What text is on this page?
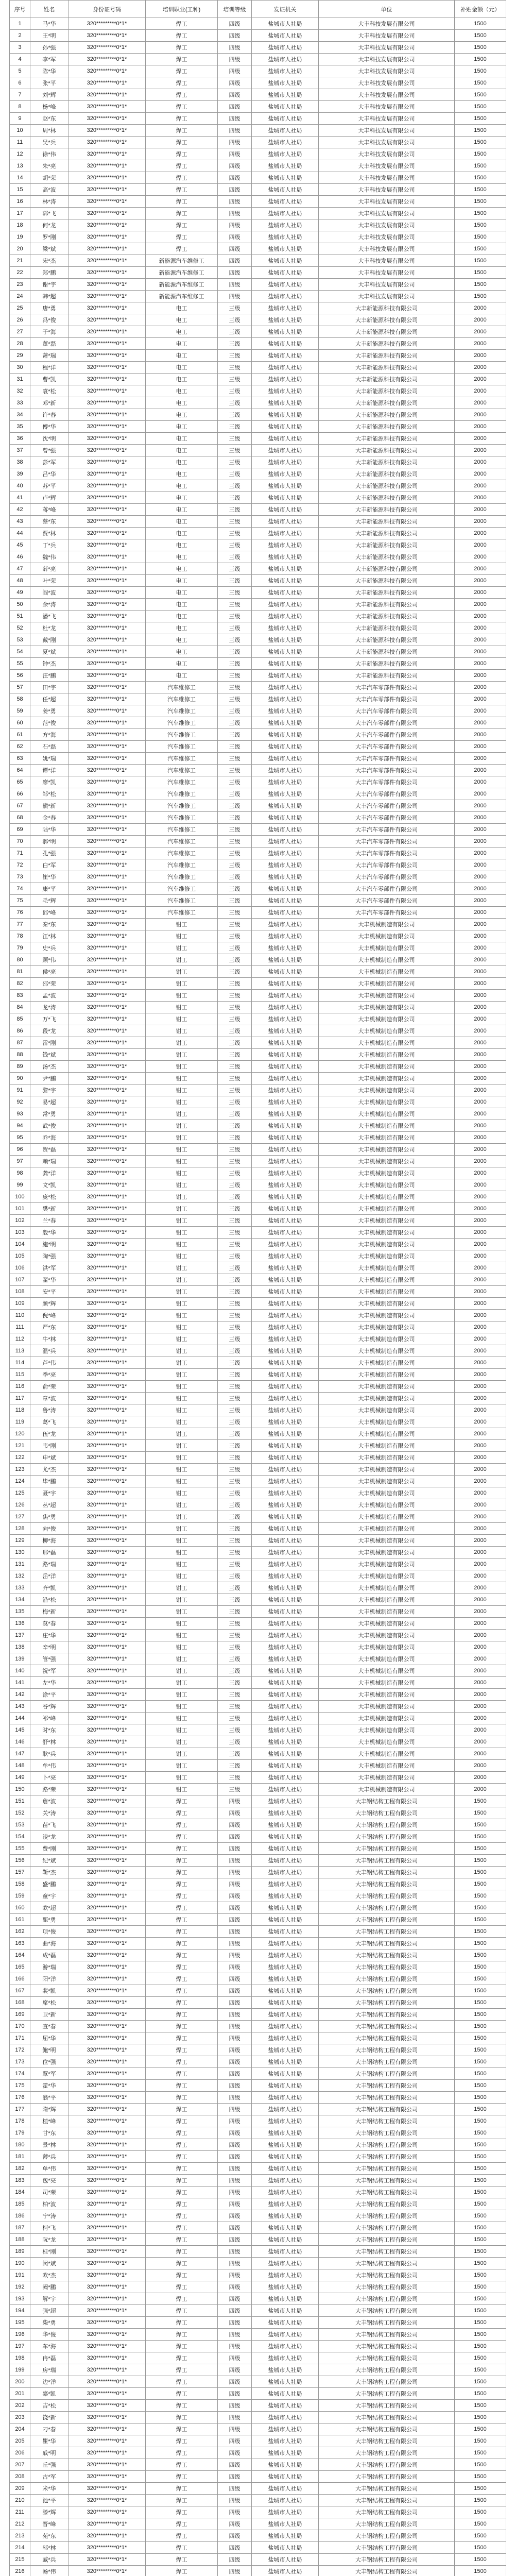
序号	姓名	身份证号码	培训职业(工种)	培训等级	发证机关	单位	补贴金额（元）
1	马*华	320*********0*1*	焊工	四级	盐城市人社局	大丰科技发展有限公司	1500
2	王*明	320*********0*1*	焊工	四级	盐城市人社局	大丰科技发展有限公司	1500
3	孙*强	320*********0*1*	焊工	四级	盐城市人社局	大丰科技发展有限公司	1500
4	李*军	320*********0*1*	焊工	四级	盐城市人社局	大丰科技发展有限公司	1500
5	陈*华	320*********0*1*	焊工	四级	盐城市人社局	大丰科技发展有限公司	1500
6	张*平	320*********0*1*	焊工	四级	盐城市人社局	大丰科技发展有限公司	1500
7	刘*辉	320*********0*1*	焊工	四级	盐城市人社局	大丰科技发展有限公司	1500
8	杨*峰	320*********0*1*	焊工	四级	盐城市人社局	大丰科技发展有限公司	1500
9	赵*东	320*********0*1*	焊工	四级	盐城市人社局	大丰科技发展有限公司	1500
10	周*林	320*********0*1*	焊工	四级	盐城市人社局	大丰科技发展有限公司	1500
11	吴*兵	320*********0*1*	焊工	四级	盐城市人社局	大丰科技发展有限公司	1500
12	徐*伟	320*********0*1*	焊工	四级	盐城市人社局	大丰科技发展有限公司	1500
13	朱*亮	320*********0*1*	焊工	四级	盐城市人社局	大丰科技发展有限公司	1500
14	胡*荣	320*********0*1*	焊工	四级	盐城市人社局	大丰科技发展有限公司	1500
15	高*波	320*********0*1*	焊工	四级	盐城市人社局	大丰科技发展有限公司	1500
16	林*涛	320*********0*1*	焊工	四级	盐城市人社局	大丰科技发展有限公司	1500
17	郭*飞	320*********0*1*	焊工	四级	盐城市人社局	大丰科技发展有限公司	1500
18	何*龙	320*********0*1*	焊工	四级	盐城市人社局	大丰科技发展有限公司	1500
19	罗*刚	320*********0*1*	焊工	四级	盐城市人社局	大丰科技发展有限公司	1500
20	梁*斌	320*********0*1*	焊工	四级	盐城市人社局	大丰科技发展有限公司	1500
21	宋*杰	320*********0*1*	新能源汽车维修工	四级	盐城市人社局	大丰科技发展有限公司	1500
22	郑*鹏	320*********0*1*	新能源汽车维修工	四级	盐城市人社局	大丰科技发展有限公司	1500
23	谢*宇	320*********0*1*	新能源汽车维修工	四级	盐城市人社局	大丰科技发展有限公司	1500
24	韩*超	320*********0*1*	新能源汽车维修工	四级	盐城市人社局	大丰科技发展有限公司	1500
25	唐*勇	320*********0*1*	电工	三级	盐城市人社局	大丰新能源科技有限公司	2000
26	冯*俊	320*********0*1*	电工	三级	盐城市人社局	大丰新能源科技有限公司	2000
27	于*海	320*********0*1*	电工	三级	盐城市人社局	大丰新能源科技有限公司	2000
28	董*磊	320*********0*1*	电工	三级	盐城市人社局	大丰新能源科技有限公司	2000
29	萧*瑞	320*********0*1*	电工	三级	盐城市人社局	大丰新能源科技有限公司	2000
30	程*洋	320*********0*1*	电工	三级	盐城市人社局	大丰新能源科技有限公司	2000
31	曹*凯	320*********0*1*	电工	三级	盐城市人社局	大丰新能源科技有限公司	2000
32	袁*松	320*********0*1*	电工	三级	盐城市人社局	大丰新能源科技有限公司	2000
33	邓*新	320*********0*1*	电工	三级	盐城市人社局	大丰新能源科技有限公司	2000
34	许*春	320*********0*1*	电工	三级	盐城市人社局	大丰新能源科技有限公司	2000
35	傅*华	320*********0*1*	电工	三级	盐城市人社局	大丰新能源科技有限公司	2000
36	沈*明	320*********0*1*	电工	三级	盐城市人社局	大丰新能源科技有限公司	2000
37	曾*强	320*********0*1*	电工	三级	盐城市人社局	大丰新能源科技有限公司	2000
38	彭*军	320*********0*1*	电工	三级	盐城市人社局	大丰新能源科技有限公司	2000
39	吕*华	320*********0*1*	电工	三级	盐城市人社局	大丰新能源科技有限公司	2000
40	苏*平	320*********0*1*	电工	三级	盐城市人社局	大丰新能源科技有限公司	2000
41	卢*辉	320*********0*1*	电工	三级	盐城市人社局	大丰新能源科技有限公司	2000
42	蒋*峰	320*********0*1*	电工	三级	盐城市人社局	大丰新能源科技有限公司	2000
43	蔡*东	320*********0*1*	电工	三级	盐城市人社局	大丰新能源科技有限公司	2000
44	贾*林	320*********0*1*	电工	三级	盐城市人社局	大丰新能源科技有限公司	2000
45	丁*兵	320*********0*1*	电工	三级	盐城市人社局	大丰新能源科技有限公司	2000
46	魏*伟	320*********0*1*	电工	三级	盐城市人社局	大丰新能源科技有限公司	2000
47	薛*亮	320*********0*1*	电工	三级	盐城市人社局	大丰新能源科技有限公司	2000
48	叶*荣	320*********0*1*	电工	三级	盐城市人社局	大丰新能源科技有限公司	2000
49	阎*波	320*********0*1*	电工	三级	盐城市人社局	大丰新能源科技有限公司	2000
50	余*涛	320*********0*1*	电工	三级	盐城市人社局	大丰新能源科技有限公司	2000
51	潘*飞	320*********0*1*	电工	三级	盐城市人社局	大丰新能源科技有限公司	2000
52	杜*龙	320*********0*1*	电工	三级	盐城市人社局	大丰新能源科技有限公司	2000
53	戴*刚	320*********0*1*	电工	三级	盐城市人社局	大丰新能源科技有限公司	2000
54	夏*斌	320*********0*1*	电工	三级	盐城市人社局	大丰新能源科技有限公司	2000
55	钟*杰	320*********0*1*	电工	三级	盐城市人社局	大丰新能源科技有限公司	2000
56	汪*鹏	320*********0*1*	电工	三级	盐城市人社局	大丰新能源科技有限公司	2000
57	田*宇	320*********0*1*	汽车维修工	三级	盐城市人社局	大丰汽车零部件有限公司	2000
58	任*超	320*********0*1*	汽车维修工	三级	盐城市人社局	大丰汽车零部件有限公司	2000
59	姜*勇	320*********0*1*	汽车维修工	三级	盐城市人社局	大丰汽车零部件有限公司	2000
60	范*俊	320*********0*1*	汽车维修工	三级	盐城市人社局	大丰汽车零部件有限公司	2000
61	方*海	320*********0*1*	汽车维修工	三级	盐城市人社局	大丰汽车零部件有限公司	2000
62	石*磊	320*********0*1*	汽车维修工	三级	盐城市人社局	大丰汽车零部件有限公司	2000
63	姚*瑞	320*********0*1*	汽车维修工	三级	盐城市人社局	大丰汽车零部件有限公司	2000
64	谭*洋	320*********0*1*	汽车维修工	三级	盐城市人社局	大丰汽车零部件有限公司	2000
65	廖*凯	320*********0*1*	汽车维修工	三级	盐城市人社局	大丰汽车零部件有限公司	2000
66	邹*松	320*********0*1*	汽车维修工	三级	盐城市人社局	大丰汽车零部件有限公司	2000
67	熊*新	320*********0*1*	汽车维修工	三级	盐城市人社局	大丰汽车零部件有限公司	2000
68	金*春	320*********0*1*	汽车维修工	三级	盐城市人社局	大丰汽车零部件有限公司	2000
69	陆*华	320*********0*1*	汽车维修工	三级	盐城市人社局	大丰汽车零部件有限公司	2000
70	郝*明	320*********0*1*	汽车维修工	三级	盐城市人社局	大丰汽车零部件有限公司	2000
71	孔*强	320*********0*1*	汽车维修工	三级	盐城市人社局	大丰汽车零部件有限公司	2000
72	白*军	320*********0*1*	汽车维修工	三级	盐城市人社局	大丰汽车零部件有限公司	2000
73	崔*华	320*********0*1*	汽车维修工	三级	盐城市人社局	大丰汽车零部件有限公司	2000
74	康*平	320*********0*1*	汽车维修工	三级	盐城市人社局	大丰汽车零部件有限公司	2000
75	毛*辉	320*********0*1*	汽车维修工	三级	盐城市人社局	大丰汽车零部件有限公司	2000
76	邱*峰	320*********0*1*	汽车维修工	三级	盐城市人社局	大丰汽车零部件有限公司	2000
77	秦*东	320*********0*1*	钳工	三级	盐城市人社局	大丰机械制造有限公司	2000
78	江*林	320*********0*1*	钳工	三级	盐城市人社局	大丰机械制造有限公司	2000
79	史*兵	320*********0*1*	钳工	三级	盐城市人社局	大丰机械制造有限公司	2000
80	顾*伟	320*********0*1*	钳工	三级	盐城市人社局	大丰机械制造有限公司	2000
81	侯*亮	320*********0*1*	钳工	三级	盐城市人社局	大丰机械制造有限公司	2000
82	邵*荣	320*********0*1*	钳工	三级	盐城市人社局	大丰机械制造有限公司	2000
83	孟*波	320*********0*1*	钳工	三级	盐城市人社局	大丰机械制造有限公司	2000
84	龙*涛	320*********0*1*	钳工	三级	盐城市人社局	大丰机械制造有限公司	2000
85	万*飞	320*********0*1*	钳工	三级	盐城市人社局	大丰机械制造有限公司	2000
86	段*龙	320*********0*1*	钳工	三级	盐城市人社局	大丰机械制造有限公司	2000
87	雷*刚	320*********0*1*	钳工	三级	盐城市人社局	大丰机械制造有限公司	2000
88	钱*斌	320*********0*1*	钳工	三级	盐城市人社局	大丰机械制造有限公司	2000
89	汤*杰	320*********0*1*	钳工	三级	盐城市人社局	大丰机械制造有限公司	2000
90	尹*鹏	320*********0*1*	钳工	三级	盐城市人社局	大丰机械制造有限公司	2000
91	黎*宇	320*********0*1*	钳工	三级	盐城市人社局	大丰机械制造有限公司	2000
92	易*超	320*********0*1*	钳工	三级	盐城市人社局	大丰机械制造有限公司	2000
93	常*勇	320*********0*1*	钳工	三级	盐城市人社局	大丰机械制造有限公司	2000
94	武*俊	320*********0*1*	钳工	三级	盐城市人社局	大丰机械制造有限公司	2000
95	乔*海	320*********0*1*	钳工	三级	盐城市人社局	大丰机械制造有限公司	2000
96	贺*磊	320*********0*1*	钳工	三级	盐城市人社局	大丰机械制造有限公司	2000
97	赖*瑞	320*********0*1*	钳工	三级	盐城市人社局	大丰机械制造有限公司	2000
98	龚*洋	320*********0*1*	钳工	三级	盐城市人社局	大丰机械制造有限公司	2000
99	文*凯	320*********0*1*	钳工	三级	盐城市人社局	大丰机械制造有限公司	2000
100	庞*松	320*********0*1*	钳工	三级	盐城市人社局	大丰机械制造有限公司	2000
101	樊*新	320*********0*1*	钳工	三级	盐城市人社局	大丰机械制造有限公司	2000
102	兰*春	320*********0*1*	钳工	三级	盐城市人社局	大丰机械制造有限公司	2000
103	殷*华	320*********0*1*	钳工	三级	盐城市人社局	大丰机械制造有限公司	2000
104	施*明	320*********0*1*	钳工	三级	盐城市人社局	大丰机械制造有限公司	2000
105	陶*强	320*********0*1*	钳工	三级	盐城市人社局	大丰机械制造有限公司	2000
106	洪*军	320*********0*1*	钳工	三级	盐城市人社局	大丰机械制造有限公司	2000
107	翟*华	320*********0*1*	钳工	三级	盐城市人社局	大丰机械制造有限公司	2000
108	安*平	320*********0*1*	钳工	三级	盐城市人社局	大丰机械制造有限公司	2000
109	颜*辉	320*********0*1*	钳工	三级	盐城市人社局	大丰机械制造有限公司	2000
110	倪*峰	320*********0*1*	钳工	三级	盐城市人社局	大丰机械制造有限公司	2000
111	严*东	320*********0*1*	钳工	三级	盐城市人社局	大丰机械制造有限公司	2000
112	牛*林	320*********0*1*	钳工	三级	盐城市人社局	大丰机械制造有限公司	2000
113	温*兵	320*********0*1*	钳工	三级	盐城市人社局	大丰机械制造有限公司	2000
114	芦*伟	320*********0*1*	钳工	三级	盐城市人社局	大丰机械制造有限公司	2000
115	季*亮	320*********0*1*	钳工	三级	盐城市人社局	大丰机械制造有限公司	2000
116	俞*荣	320*********0*1*	钳工	三级	盐城市人社局	大丰机械制造有限公司	2000
117	章*波	320*********0*1*	钳工	三级	盐城市人社局	大丰机械制造有限公司	2000
118	鲁*涛	320*********0*1*	钳工	三级	盐城市人社局	大丰机械制造有限公司	2000
119	葛*飞	320*********0*1*	钳工	三级	盐城市人社局	大丰机械制造有限公司	2000
120	伍*龙	320*********0*1*	钳工	三级	盐城市人社局	大丰机械制造有限公司	2000
121	韦*刚	320*********0*1*	钳工	三级	盐城市人社局	大丰机械制造有限公司	2000
122	申*斌	320*********0*1*	钳工	三级	盐城市人社局	大丰机械制造有限公司	2000
123	尤*杰	320*********0*1*	钳工	三级	盐城市人社局	大丰机械制造有限公司	2000
124	毕*鹏	320*********0*1*	钳工	三级	盐城市人社局	大丰机械制造有限公司	2000
125	聂*宇	320*********0*1*	钳工	三级	盐城市人社局	大丰机械制造有限公司	2000
126	丛*超	320*********0*1*	钳工	三级	盐城市人社局	大丰机械制造有限公司	2000
127	焦*勇	320*********0*1*	钳工	三级	盐城市人社局	大丰机械制造有限公司	2000
128	向*俊	320*********0*1*	钳工	三级	盐城市人社局	大丰机械制造有限公司	2000
129	柳*海	320*********0*1*	钳工	三级	盐城市人社局	大丰机械制造有限公司	2000
130	邢*磊	320*********0*1*	钳工	三级	盐城市人社局	大丰机械制造有限公司	2000
131	路*瑞	320*********0*1*	钳工	三级	盐城市人社局	大丰机械制造有限公司	2000
132	岳*洋	320*********0*1*	钳工	三级	盐城市人社局	大丰机械制造有限公司	2000
133	齐*凯	320*********0*1*	钳工	三级	盐城市人社局	大丰机械制造有限公司	2000
134	沿*松	320*********0*1*	钳工	三级	盐城市人社局	大丰机械制造有限公司	2000
135	梅*新	320*********0*1*	钳工	三级	盐城市人社局	大丰机械制造有限公司	2000
136	莫*春	320*********0*1*	钳工	三级	盐城市人社局	大丰机械制造有限公司	2000
137	庄*华	320*********0*1*	钳工	三级	盐城市人社局	大丰机械制造有限公司	2000
138	辛*明	320*********0*1*	钳工	三级	盐城市人社局	大丰机械制造有限公司	2000
139	管*强	320*********0*1*	钳工	三级	盐城市人社局	大丰机械制造有限公司	2000
140	祝*军	320*********0*1*	钳工	三级	盐城市人社局	大丰机械制造有限公司	2000
141	左*华	320*********0*1*	钳工	三级	盐城市人社局	大丰机械制造有限公司	2000
142	涂*平	320*********0*1*	钳工	三级	盐城市人社局	大丰机械制造有限公司	2000
143	谷*辉	320*********0*1*	钳工	三级	盐城市人社局	大丰机械制造有限公司	2000
144	祁*峰	320*********0*1*	钳工	三级	盐城市人社局	大丰机械制造有限公司	2000
145	时*东	320*********0*1*	钳工	三级	盐城市人社局	大丰机械制造有限公司	2000
146	舒*林	320*********0*1*	钳工	三级	盐城市人社局	大丰机械制造有限公司	2000
147	耿*兵	320*********0*1*	钳工	三级	盐城市人社局	大丰机械制造有限公司	2000
148	牟*伟	320*********0*1*	钳工	三级	盐城市人社局	大丰机械制造有限公司	2000
149	卜*亮	320*********0*1*	钳工	三级	盐城市人社局	大丰机械制造有限公司	2000
150	路*荣	320*********0*1*	钳工	三级	盐城市人社局	大丰机械制造有限公司	2000
151	詹*波	320*********0*1*	焊工	四级	盐城市人社局	大丰钢结构工程有限公司	1500
152	关*涛	320*********0*1*	焊工	四级	盐城市人社局	大丰钢结构工程有限公司	1500
153	苗*飞	320*********0*1*	焊工	四级	盐城市人社局	大丰钢结构工程有限公司	1500
154	凌*龙	320*********0*1*	焊工	四级	盐城市人社局	大丰钢结构工程有限公司	1500
155	费*刚	320*********0*1*	焊工	四级	盐城市人社局	大丰钢结构工程有限公司	1500
156	纪*斌	320*********0*1*	焊工	四级	盐城市人社局	大丰钢结构工程有限公司	1500
157	靳*杰	320*********0*1*	焊工	四级	盐城市人社局	大丰钢结构工程有限公司	1500
158	盛*鹏	320*********0*1*	焊工	四级	盐城市人社局	大丰钢结构工程有限公司	1500
159	童*宇	320*********0*1*	焊工	四级	盐城市人社局	大丰钢结构工程有限公司	1500
160	欧*超	320*********0*1*	焊工	四级	盐城市人社局	大丰钢结构工程有限公司	1500
161	甄*勇	320*********0*1*	焊工	四级	盐城市人社局	大丰钢结构工程有限公司	1500
162	项*俊	320*********0*1*	焊工	四级	盐城市人社局	大丰钢结构工程有限公司	1500
163	曲*海	320*********0*1*	焊工	四级	盐城市人社局	大丰钢结构工程有限公司	1500
164	成*磊	320*********0*1*	焊工	四级	盐城市人社局	大丰钢结构工程有限公司	1500
165	游*瑞	320*********0*1*	焊工	四级	盐城市人社局	大丰钢结构工程有限公司	1500
166	阳*洋	320*********0*1*	焊工	四级	盐城市人社局	大丰钢结构工程有限公司	1500
167	裴*凯	320*********0*1*	焊工	四级	盐城市人社局	大丰钢结构工程有限公司	1500
168	席*松	320*********0*1*	焊工	四级	盐城市人社局	大丰钢结构工程有限公司	1500
169	卫*新	320*********0*1*	焊工	四级	盐城市人社局	大丰钢结构工程有限公司	1500
170	查*春	320*********0*1*	焊工	四级	盐城市人社局	大丰钢结构工程有限公司	1500
171	屈*华	320*********0*1*	焊工	四级	盐城市人社局	大丰钢结构工程有限公司	1500
172	鲍*明	320*********0*1*	焊工	四级	盐城市人社局	大丰钢结构工程有限公司	1500
173	位*强	320*********0*1*	焊工	四级	盐城市人社局	大丰钢结构工程有限公司	1500
174	覃*军	320*********0*1*	焊工	四级	盐城市人社局	大丰钢结构工程有限公司	1500
175	霍*华	320*********0*1*	焊工	四级	盐城市人社局	大丰钢结构工程有限公司	1500
176	翁*平	320*********0*1*	焊工	四级	盐城市人社局	大丰钢结构工程有限公司	1500
177	隋*辉	320*********0*1*	焊工	四级	盐城市人社局	大丰钢结构工程有限公司	1500
178	植*峰	320*********0*1*	焊工	四级	盐城市人社局	大丰钢结构工程有限公司	1500
179	甘*东	320*********0*1*	焊工	四级	盐城市人社局	大丰钢结构工程有限公司	1500
180	景*林	320*********0*1*	焊工	四级	盐城市人社局	大丰钢结构工程有限公司	1500
181	薄*兵	320*********0*1*	焊工	四级	盐城市人社局	大丰钢结构工程有限公司	1500
182	单*伟	320*********0*1*	焊工	四级	盐城市人社局	大丰钢结构工程有限公司	1500
183	包*亮	320*********0*1*	焊工	四级	盐城市人社局	大丰钢结构工程有限公司	1500
184	司*荣	320*********0*1*	焊工	四级	盐城市人社局	大丰钢结构工程有限公司	1500
185	柏*波	320*********0*1*	焊工	四级	盐城市人社局	大丰钢结构工程有限公司	1500
186	宁*涛	320*********0*1*	焊工	四级	盐城市人社局	大丰钢结构工程有限公司	1500
187	柯*飞	320*********0*1*	焊工	四级	盐城市人社局	大丰钢结构工程有限公司	1500
188	阮*龙	320*********0*1*	焊工	四级	盐城市人社局	大丰钢结构工程有限公司	1500
189	桂*刚	320*********0*1*	焊工	四级	盐城市人社局	大丰钢结构工程有限公司	1500
190	闵*斌	320*********0*1*	焊工	四级	盐城市人社局	大丰钢结构工程有限公司	1500
191	欧*杰	320*********0*1*	焊工	四级	盐城市人社局	大丰钢结构工程有限公司	1500
192	阙*鹏	320*********0*1*	焊工	四级	盐城市人社局	大丰钢结构工程有限公司	1500
193	解*宇	320*********0*1*	焊工	四级	盐城市人社局	大丰钢结构工程有限公司	1500
194	强*超	320*********0*1*	焊工	四级	盐城市人社局	大丰钢结构工程有限公司	1500
195	柴*勇	320*********0*1*	焊工	四级	盐城市人社局	大丰钢结构工程有限公司	1500
196	华*俊	320*********0*1*	焊工	四级	盐城市人社局	大丰钢结构工程有限公司	1500
197	车*海	320*********0*1*	焊工	四级	盐城市人社局	大丰钢结构工程有限公司	1500
198	冉*磊	320*********0*1*	焊工	四级	盐城市人社局	大丰钢结构工程有限公司	1500
199	房*瑞	320*********0*1*	焊工	四级	盐城市人社局	大丰钢结构工程有限公司	1500
200	边*洋	320*********0*1*	焊工	四级	盐城市人社局	大丰钢结构工程有限公司	1500
201	辜*凯	320*********0*1*	焊工	四级	盐城市人社局	大丰钢结构工程有限公司	1500
202	吉*松	320*********0*1*	焊工	四级	盐城市人社局	大丰钢结构工程有限公司	1500
203	饶*新	320*********0*1*	焊工	四级	盐城市人社局	大丰钢结构工程有限公司	1500
204	刁*春	320*********0*1*	焊工	四级	盐城市人社局	大丰钢结构工程有限公司	1500
205	瞿*华	320*********0*1*	焊工	四级	盐城市人社局	大丰钢结构工程有限公司	1500
206	戚*明	320*********0*1*	焊工	四级	盐城市人社局	大丰钢结构工程有限公司	1500
207	丘*强	320*********0*1*	焊工	四级	盐城市人社局	大丰钢结构工程有限公司	1500
208	古*军	320*********0*1*	焊工	四级	盐城市人社局	大丰钢结构工程有限公司	1500
209	米*华	320*********0*1*	焊工	四级	盐城市人社局	大丰钢结构工程有限公司	1500
210	池*平	320*********0*1*	焊工	四级	盐城市人社局	大丰钢结构工程有限公司	1500
211	滕*辉	320*********0*1*	焊工	四级	盐城市人社局	大丰钢结构工程有限公司	1500
212	晋*峰	320*********0*1*	焊工	四级	盐城市人社局	大丰钢结构工程有限公司	1500
213	苑*东	320*********0*1*	焊工	四级	盐城市人社局	大丰钢结构工程有限公司	1500
214	邬*林	320*********0*1*	焊工	四级	盐城市人社局	大丰钢结构工程有限公司	1500
215	臧*兵	320*********0*1*	焊工	四级	盐城市人社局	大丰钢结构工程有限公司	1500
216	畅*伟	320*********0*1*	焊工	四级	盐城市人社局	大丰钢结构工程有限公司	1500
